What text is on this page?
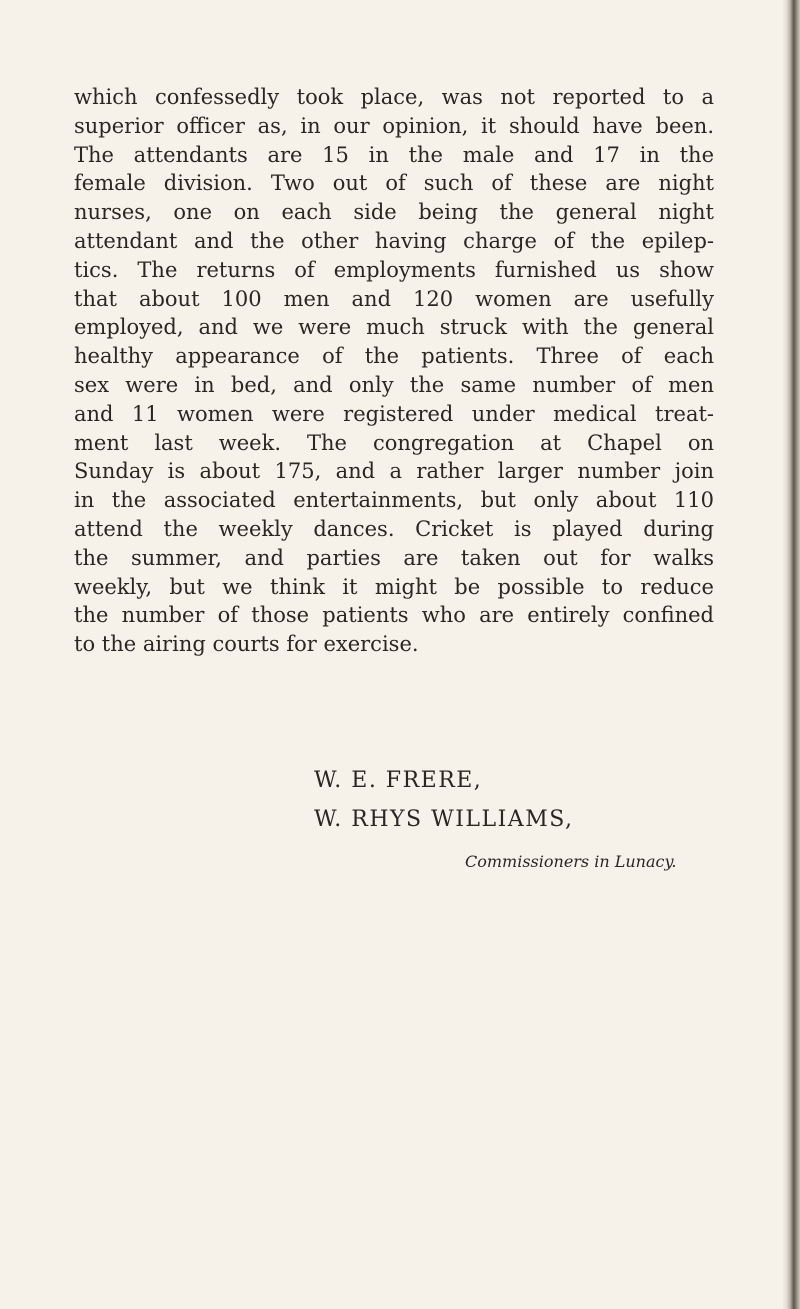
which confessedly took place, was not reported to a
superior officer as, in our opinion, it should have been.
The attendants are 15 in the male and 17 in the
female division. Two out of such of these are night
nurses, one on each side being the general night
attendant and the other having charge of the epilep-
tics. The returns of employments furnished us show
that about 100 men and 120 women are usefully
employed, and we were much struck with the general
healthy appearance of the patients. Three of each
sex were in bed, and only the same number of men
and 11 women were registered under medical treat-
ment last week. The congregation at Chapel on
Sunday is about 175, and a rather larger number join
in the associated entertainments, but only about 110
attend the weekly dances. Cricket is played during
the summer, and parties are taken out for walks
weekly, but we think it might be possible to reduce
the number of those patients who are entirely confined
to the airing courts for exercise.
W. E. FRERE,
W. RHYS WILLIAMS,
Commissioners in Lunacy.
